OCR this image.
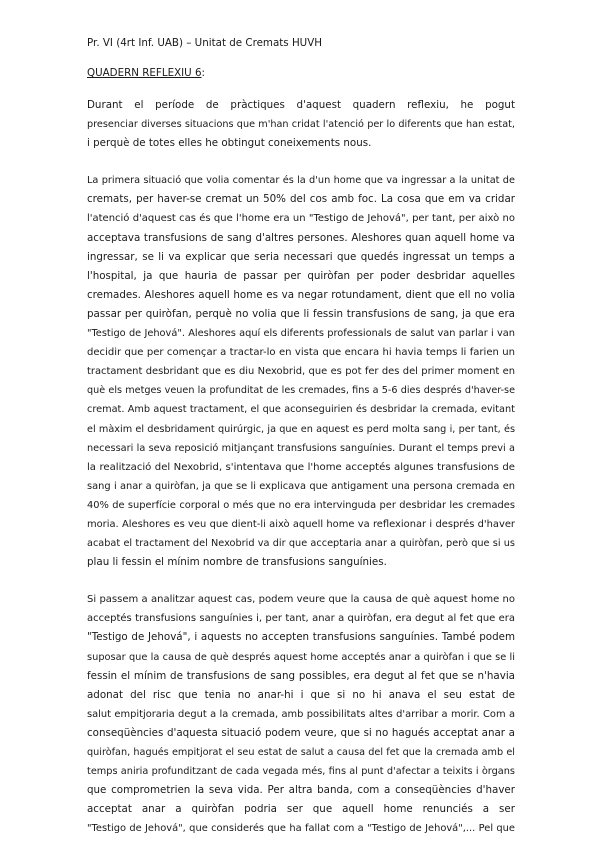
Pr. VI (4rt Inf. UAB) – Unitat de Cremats HUVH
QUADERN REFLEXIU 6:
Durant el període de pràctiques d'aquest quadern reflexiu, he pogut
presenciar diverses situacions que m'han cridat l'atenció per lo diferents que han estat,
i perquè de totes elles he obtingut coneixements nous.
La primera situació que volia comentar és la d'un home que va ingressar a la unitat de
cremats, per haver-se cremat un 50% del cos amb foc. La cosa que em va cridar
l'atenció d'aquest cas és que l'home era un "Testigo de Jehová", per tant, per això no
acceptava transfusions de sang d'altres persones. Aleshores quan aquell home va
ingressar, se li va explicar que seria necessari que quedés ingressat un temps a
l'hospital, ja que hauria de passar per quiròfan per poder desbridar aquelles
cremades. Aleshores aquell home es va negar rotundament, dient que ell no volia
passar per quiròfan, perquè no volia que li fessin transfusions de sang, ja que era
"Testigo de Jehová". Aleshores aquí els diferents professionals de salut van parlar i van
decidir que per començar a tractar-lo en vista que encara hi havia temps li farien un
tractament desbridant que es diu Nexobrid, que es pot fer des del primer moment en
què els metges veuen la profunditat de les cremades, fins a 5-6 dies després d'haver-se
cremat. Amb aquest tractament, el que aconseguirien és desbridar la cremada, evitant
el màxim el desbridament quirúrgic, ja que en aquest es perd molta sang i, per tant, és
necessari la seva reposició mitjançant transfusions sanguínies. Durant el temps previ a
la realització del Nexobrid, s'intentava que l'home acceptés algunes transfusions de
sang i anar a quiròfan, ja que se li explicava que antigament una persona cremada en
40% de superfície corporal o més que no era intervinguda per desbridar les cremades
moria. Aleshores es veu que dient-li això aquell home va reflexionar i després d'haver
acabat el tractament del Nexobrid va dir que acceptaria anar a quiròfan, però que si us
plau li fessin el mínim nombre de transfusions sanguínies.
Si passem a analitzar aquest cas, podem veure que la causa de què aquest home no
acceptés transfusions sanguínies i, per tant, anar a quiròfan, era degut al fet que era
"Testigo de Jehová", i aquests no accepten transfusions sanguínies. També podem
suposar que la causa de què després aquest home acceptés anar a quiròfan i que se li
fessin el mínim de transfusions de sang possibles, era degut al fet que se n'havia
adonat del risc que tenia no anar-hi i que si no hi anava el seu estat de
salut empitjoraria degut a la cremada, amb possibilitats altes d'arribar a morir. Com a
conseqüències d'aquesta situació podem veure, que si no hagués acceptat anar a
quiròfan, hagués empitjorat el seu estat de salut a causa del fet que la cremada amb el
temps aniria profunditzant de cada vegada més, fins al punt d'afectar a teixits i òrgans
que comprometrien la seva vida. Per altra banda, com a conseqüències d'haver
acceptat anar a quiròfan podria ser que aquell home renunciés a ser
"Testigo de Jehová", que considerés que ha fallat com a "Testigo de Jehová",... Pel que
